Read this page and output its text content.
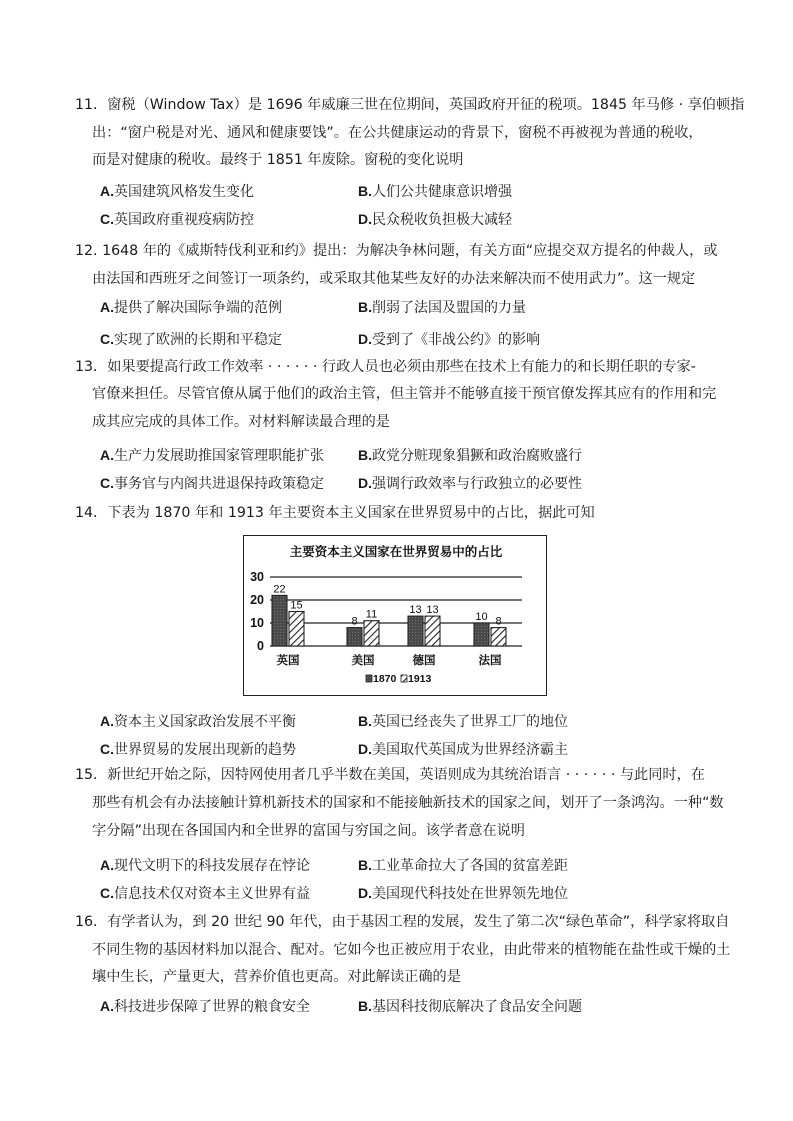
11．窗税（Window Tax）是 1696 年威廉三世在位期间，英国政府开征的税项。1845 年马修 · 享伯顿指
出：“窗户税是对光、通风和健康要饯”。在公共健康运动的背景下，窗税不再被视为普通的税收，
而是对健康的税收。最终于 1851 年废除。窗税的变化说明
A.英国建筑风格发生变化	B.人们公共健康意识增强
C.英国政府重视疫病防控	D.民众税收负担极大减轻
12. 1648 年的《威斯特伐利亚和约》提出：为解决争林问题，有关方面“应提交双方提名的仲裁人，或
由法国和西班牙之间签订一项条约，或采取其他某些友好的办法来解决而不使用武力”。这一规定
A.提供了解决国际争端的范例	B.削弱了法国及盟国的力量
C.实现了欧洲的长期和平稳定	D.受到了《非战公约》的影响
13．如果要提高行政工作效率 · · · · · · 行政人员也必须由那些在技术上有能力的和长期任职的专家-
官僚来担任。尽管官僚从属于他们的政治主管，但主管并不能够直接干预官僚发挥其应有的作用和完
成其应完成的具体工作。对材料解读最合理的是
A.生产力发展助推国家管理职能扩张 B.政党分赃现象猖獗和政治腐败盛行
C.事务官与内阁共进退保持政策稳定 D.强调行政效率与行政独立的必要性
14．下表为 1870 年和 1913 年主要资本主义国家在世界贸易中的占比，据此可知
主要资本主义国家在世界贸易中的占比
0
10
20
30
22
15
英国
8
11
美国
13 13
德国
10 8
法国
1870 1913
A.资本主义国家政治发展不平衡	B.英国已经丧失了世界工厂的地位
C.世界贸易的发展出现新的趋势	D.美国取代英国成为世界经济霸主
15．新世纪开始之际，因特网使用者几乎半数在美国，英语则成为其统治语言 · · · · · · 与此同时，在
那些有机会有办法接触计算机新技术的国家和不能接触新技术的国家之间，划开了一条鸿沟。一种“数
字分隔”出现在各国国内和全世界的富国与穷国之间。该学者意在说明
A.现代文明下的科技发展存在悖论	B.工业革命拉大了各国的贫富差距
C.信息技术仅对资本主义世界有益	D.美国现代科技处在世界领先地位
16．有学者认为，到 20 世纪 90 年代，由于基因工程的发展，发生了第二次“绿色革命”，科学家将取自
不同生物的基因材料加以混合、配对。它如今也正被应用于农业，由此带来的植物能在盐性或干燥的土
壤中生长，产量更大，营养价值也更高。对此解读正确的是
A.科技进步保障了世界的粮食安全	B.基因科技彻底解决了食品安全问题
